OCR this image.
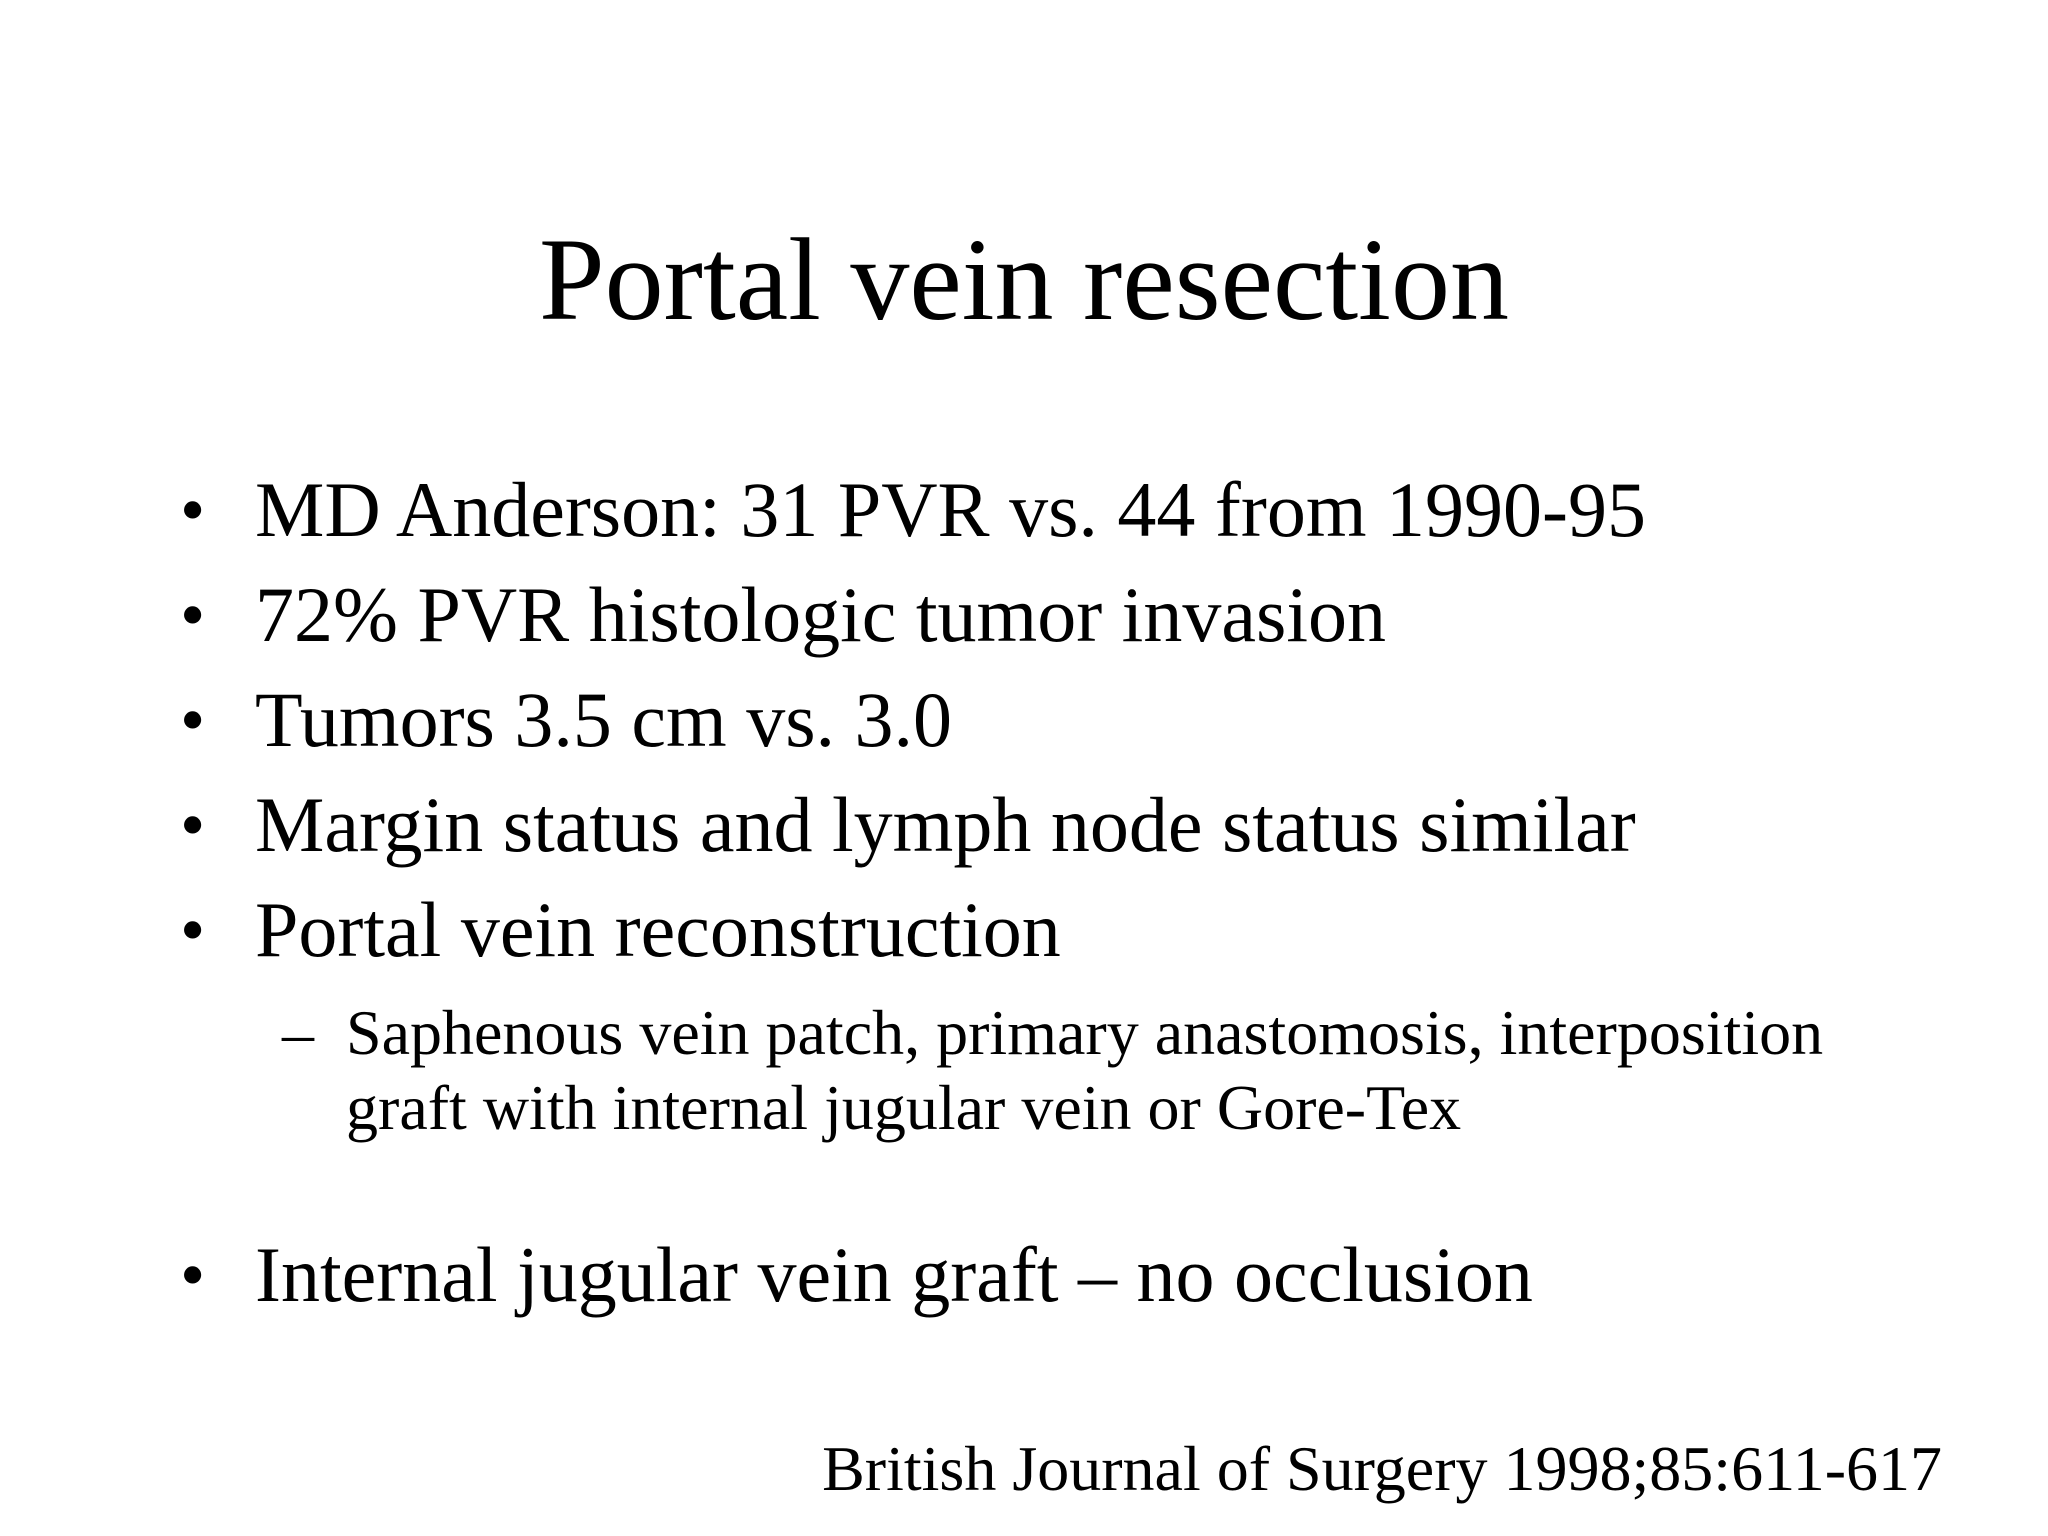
Portal vein resection
• MD Anderson: 31 PVR vs. 44 from 1990-95
• 72% PVR histologic tumor invasion
• Tumors 3.5 cm vs. 3.0
• Margin status and lymph node status similar
• Portal vein reconstruction
• Internal jugular vein graft – no occlusion
– Saphenous vein patch, primary anastomosis, interposition graft with internal jugular vein or Gore-Tex
British Journal of Surgery 1998;85:611-617
